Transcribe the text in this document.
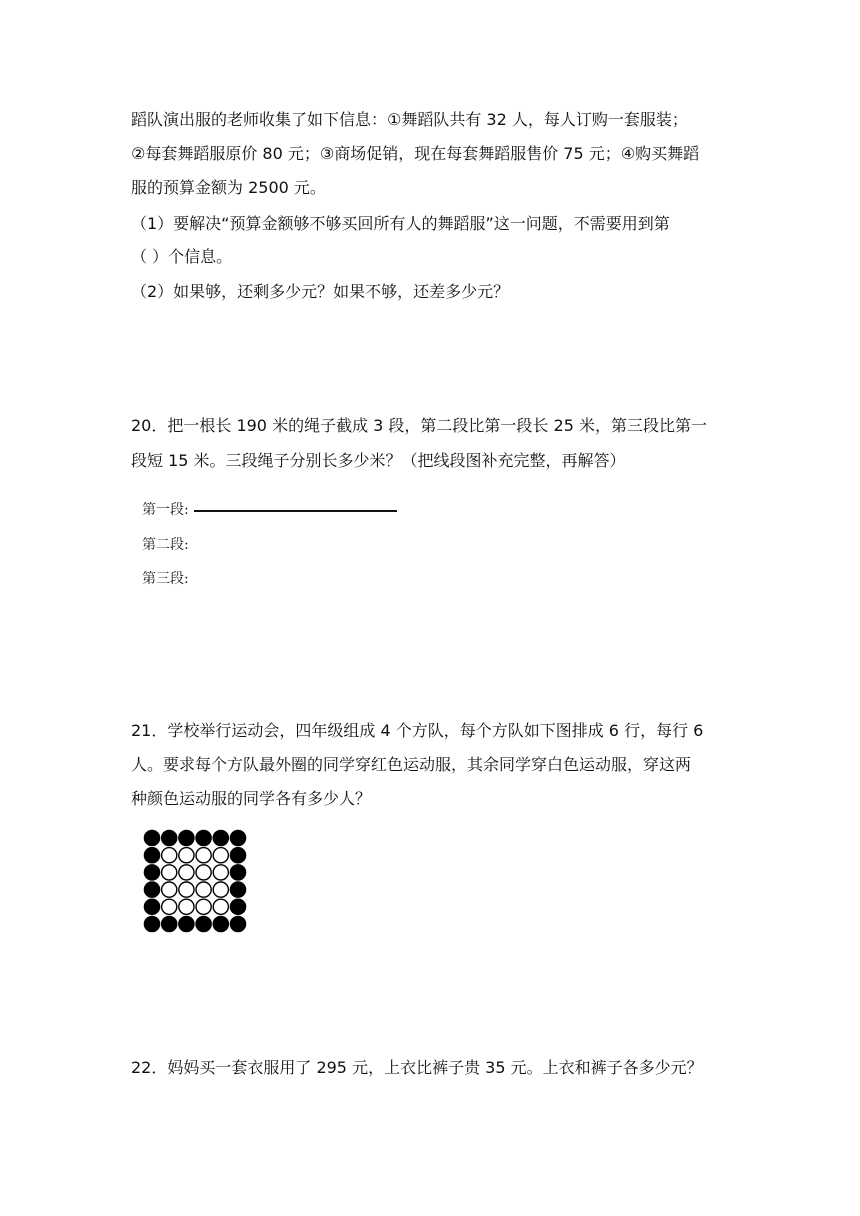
蹈队演出服的老师收集了如下信息：①舞蹈队共有 32 人，每人订购一套服装；
②每套舞蹈服原价 80 元；③商场促销，现在每套舞蹈服售价 75 元；④购买舞蹈
服的预算金额为 2500 元。
（1）要解决“预算金额够不够买回所有人的舞蹈服”这一问题，不需要用到第
（ ）个信息。
（2）如果够，还剩多少元？如果不够，还差多少元？
20．把一根长 190 米的绳子截成 3 段，第二段比第一段长 25 米，第三段比第一
段短 15 米。三段绳子分别长多少米？（把线段图补充完整，再解答）
第一段:
第二段:
第三段:
21．学校举行运动会，四年级组成 4 个方队，每个方队如下图排成 6 行，每行 6
人。要求每个方队最外圈的同学穿红色运动服，其余同学穿白色运动服，穿这两
种颜色运动服的同学各有多少人？
22．妈妈买一套衣服用了 295 元，上衣比裤子贵 35 元。上衣和裤子各多少元？
